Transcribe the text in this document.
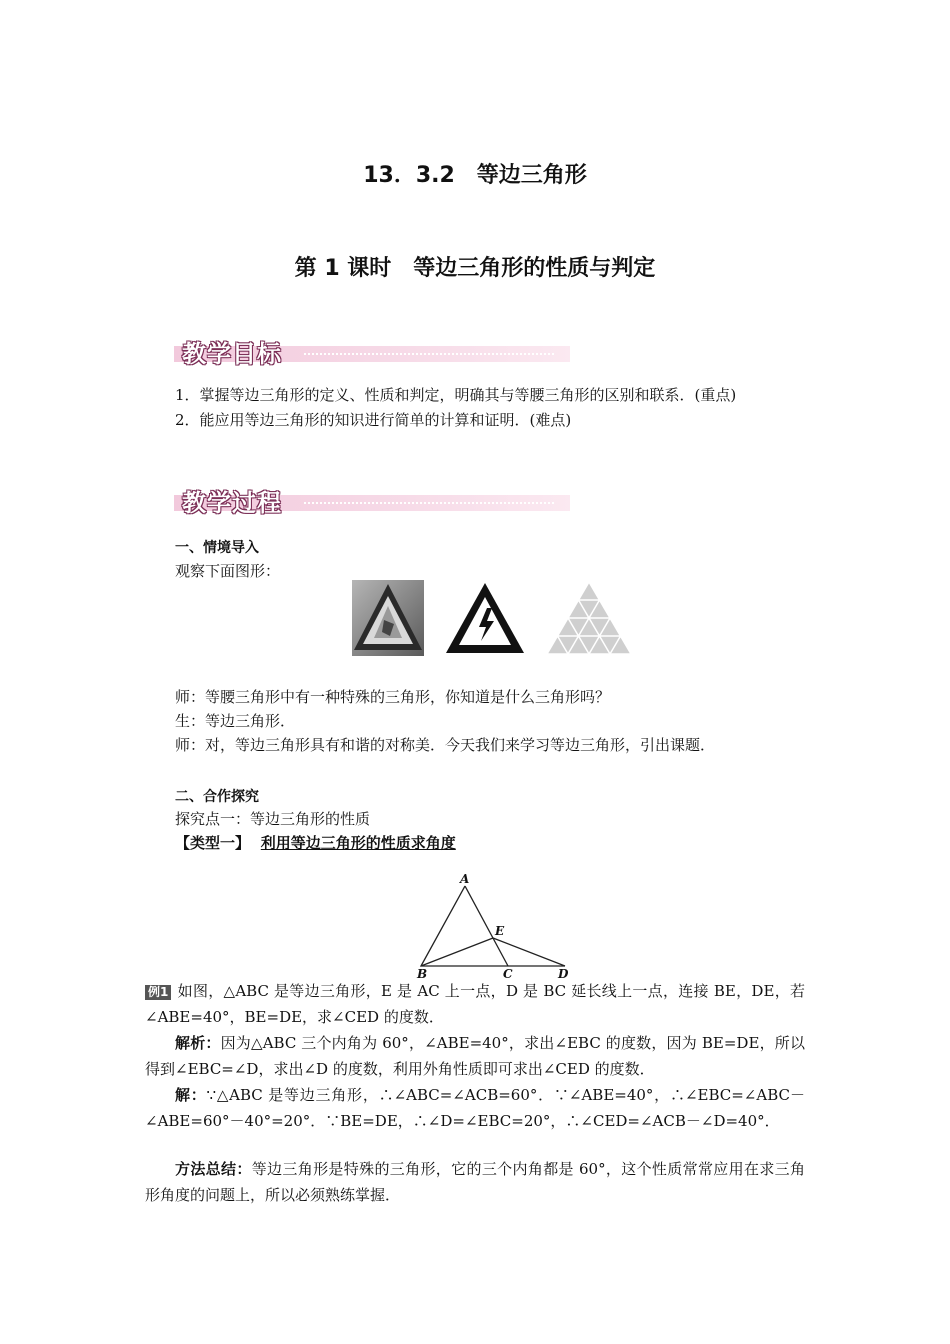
13．3.2　等边三角形
第 1 课时　等边三角形的性质与判定
教学目标
1．掌握等边三角形的定义、性质和判定，明确其与等腰三角形的区别和联系．(重点)
2．能应用等边三角形的知识进行简单的计算和证明．(难点)
教学过程
一、情境导入
观察下面图形：
师：等腰三角形中有一种特殊的三角形，你知道是什么三角形吗？
生：等边三角形．
师：对，等边三角形具有和谐的对称美．今天我们来学习等边三角形，引出课题．
二、合作探究
探究点一：等边三角形的性质
【类型一】 利用等边三角形的性质求角度
A
B	C	D
E
例1 如图，△ABC 是等边三角形，E 是 AC 上一点，D 是 BC 延长线上一点，连接 BE，DE，若∠ABE=40°，BE=DE，求∠CED 的度数．
解析：因为△ABC 三个内角为 60°，∠ABE=40°，求出∠EBC 的度数，因为 BE=DE，所以得到∠EBC=∠D，求出∠D 的度数，利用外角性质即可求出∠CED 的度数．
解：∵△ABC 是等边三角形，∴∠ABC=∠ACB=60°．∵∠ABE=40°，∴∠EBC=∠ABC－∠ABE=60°－40°=20°．∵BE=DE，∴∠D=∠EBC=20°，∴∠CED=∠ACB－∠D=40°．
方法总结：等边三角形是特殊的三角形，它的三个内角都是 60°，这个性质常常应用在求三角形角度的问题上，所以必须熟练掌握．
